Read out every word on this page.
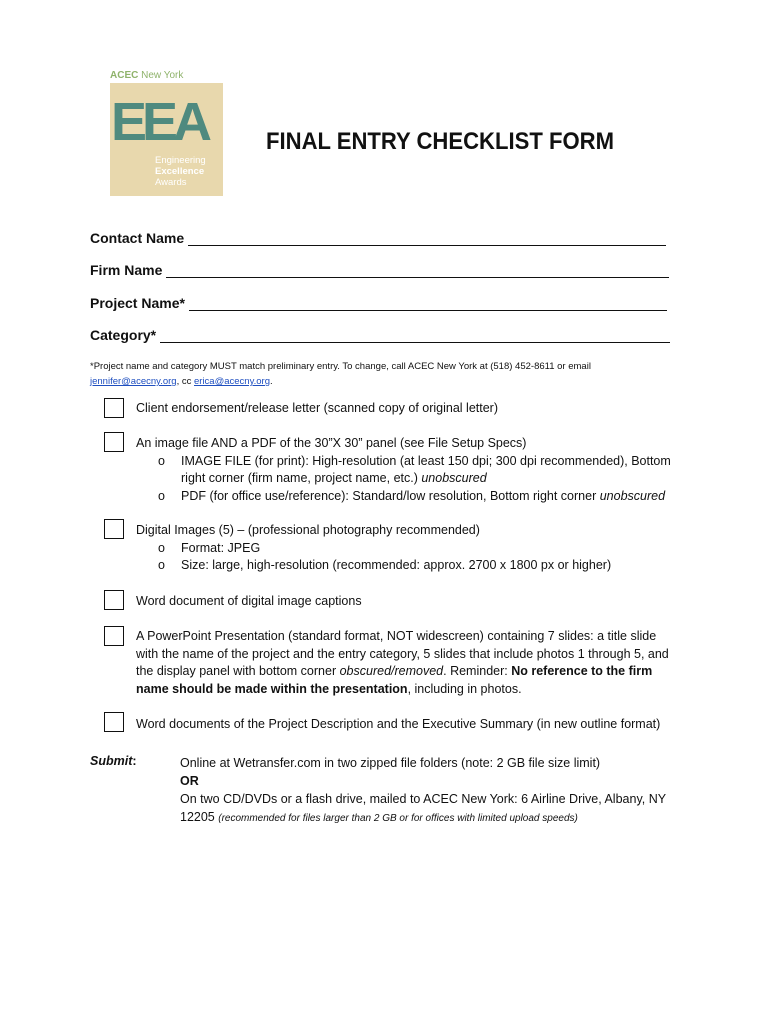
ACEC New York
EEA
Engineering
Excellence
Awards
FINAL ENTRY CHECKLIST FORM
Contact Name
Firm Name
Project Name*
Category*
*Project name and category MUST match preliminary entry. To change, call ACEC New York at (518) 452-8611 or email
jennifer@acecny.org, cc erica@acecny.org.
Client endorsement/release letter (scanned copy of original letter)
An image file AND a PDF of the 30”X 30” panel (see File Setup Specs)
o IMAGE FILE (for print): High-resolution (at least 150 dpi; 300 dpi recommended), Bottom right corner (firm name, project name, etc.) unobscured
o PDF (for office use/reference): Standard/low resolution, Bottom right corner unobscured
Digital Images (5) – (professional photography recommended)
o Format: JPEG
o Size: large, high-resolution (recommended: approx. 2700 x 1800 px or higher)
Word document of digital image captions
A PowerPoint Presentation (standard format, NOT widescreen) containing 7 slides: a title slide with the name of the project and the entry category, 5 slides that include photos 1 through 5, and the display panel with bottom corner obscured/removed. Reminder: No reference to the firm name should be made within the presentation, including in photos.
Word documents of the Project Description and the Executive Summary (in new outline format)
Submit:	Online at Wetransfer.com in two zipped file folders (note: 2 GB file size limit)
OR
On two CD/DVDs or a flash drive, mailed to ACEC New York: 6 Airline Drive, Albany, NY 12205 (recommended for files larger than 2 GB or for offices with limited upload speeds)
